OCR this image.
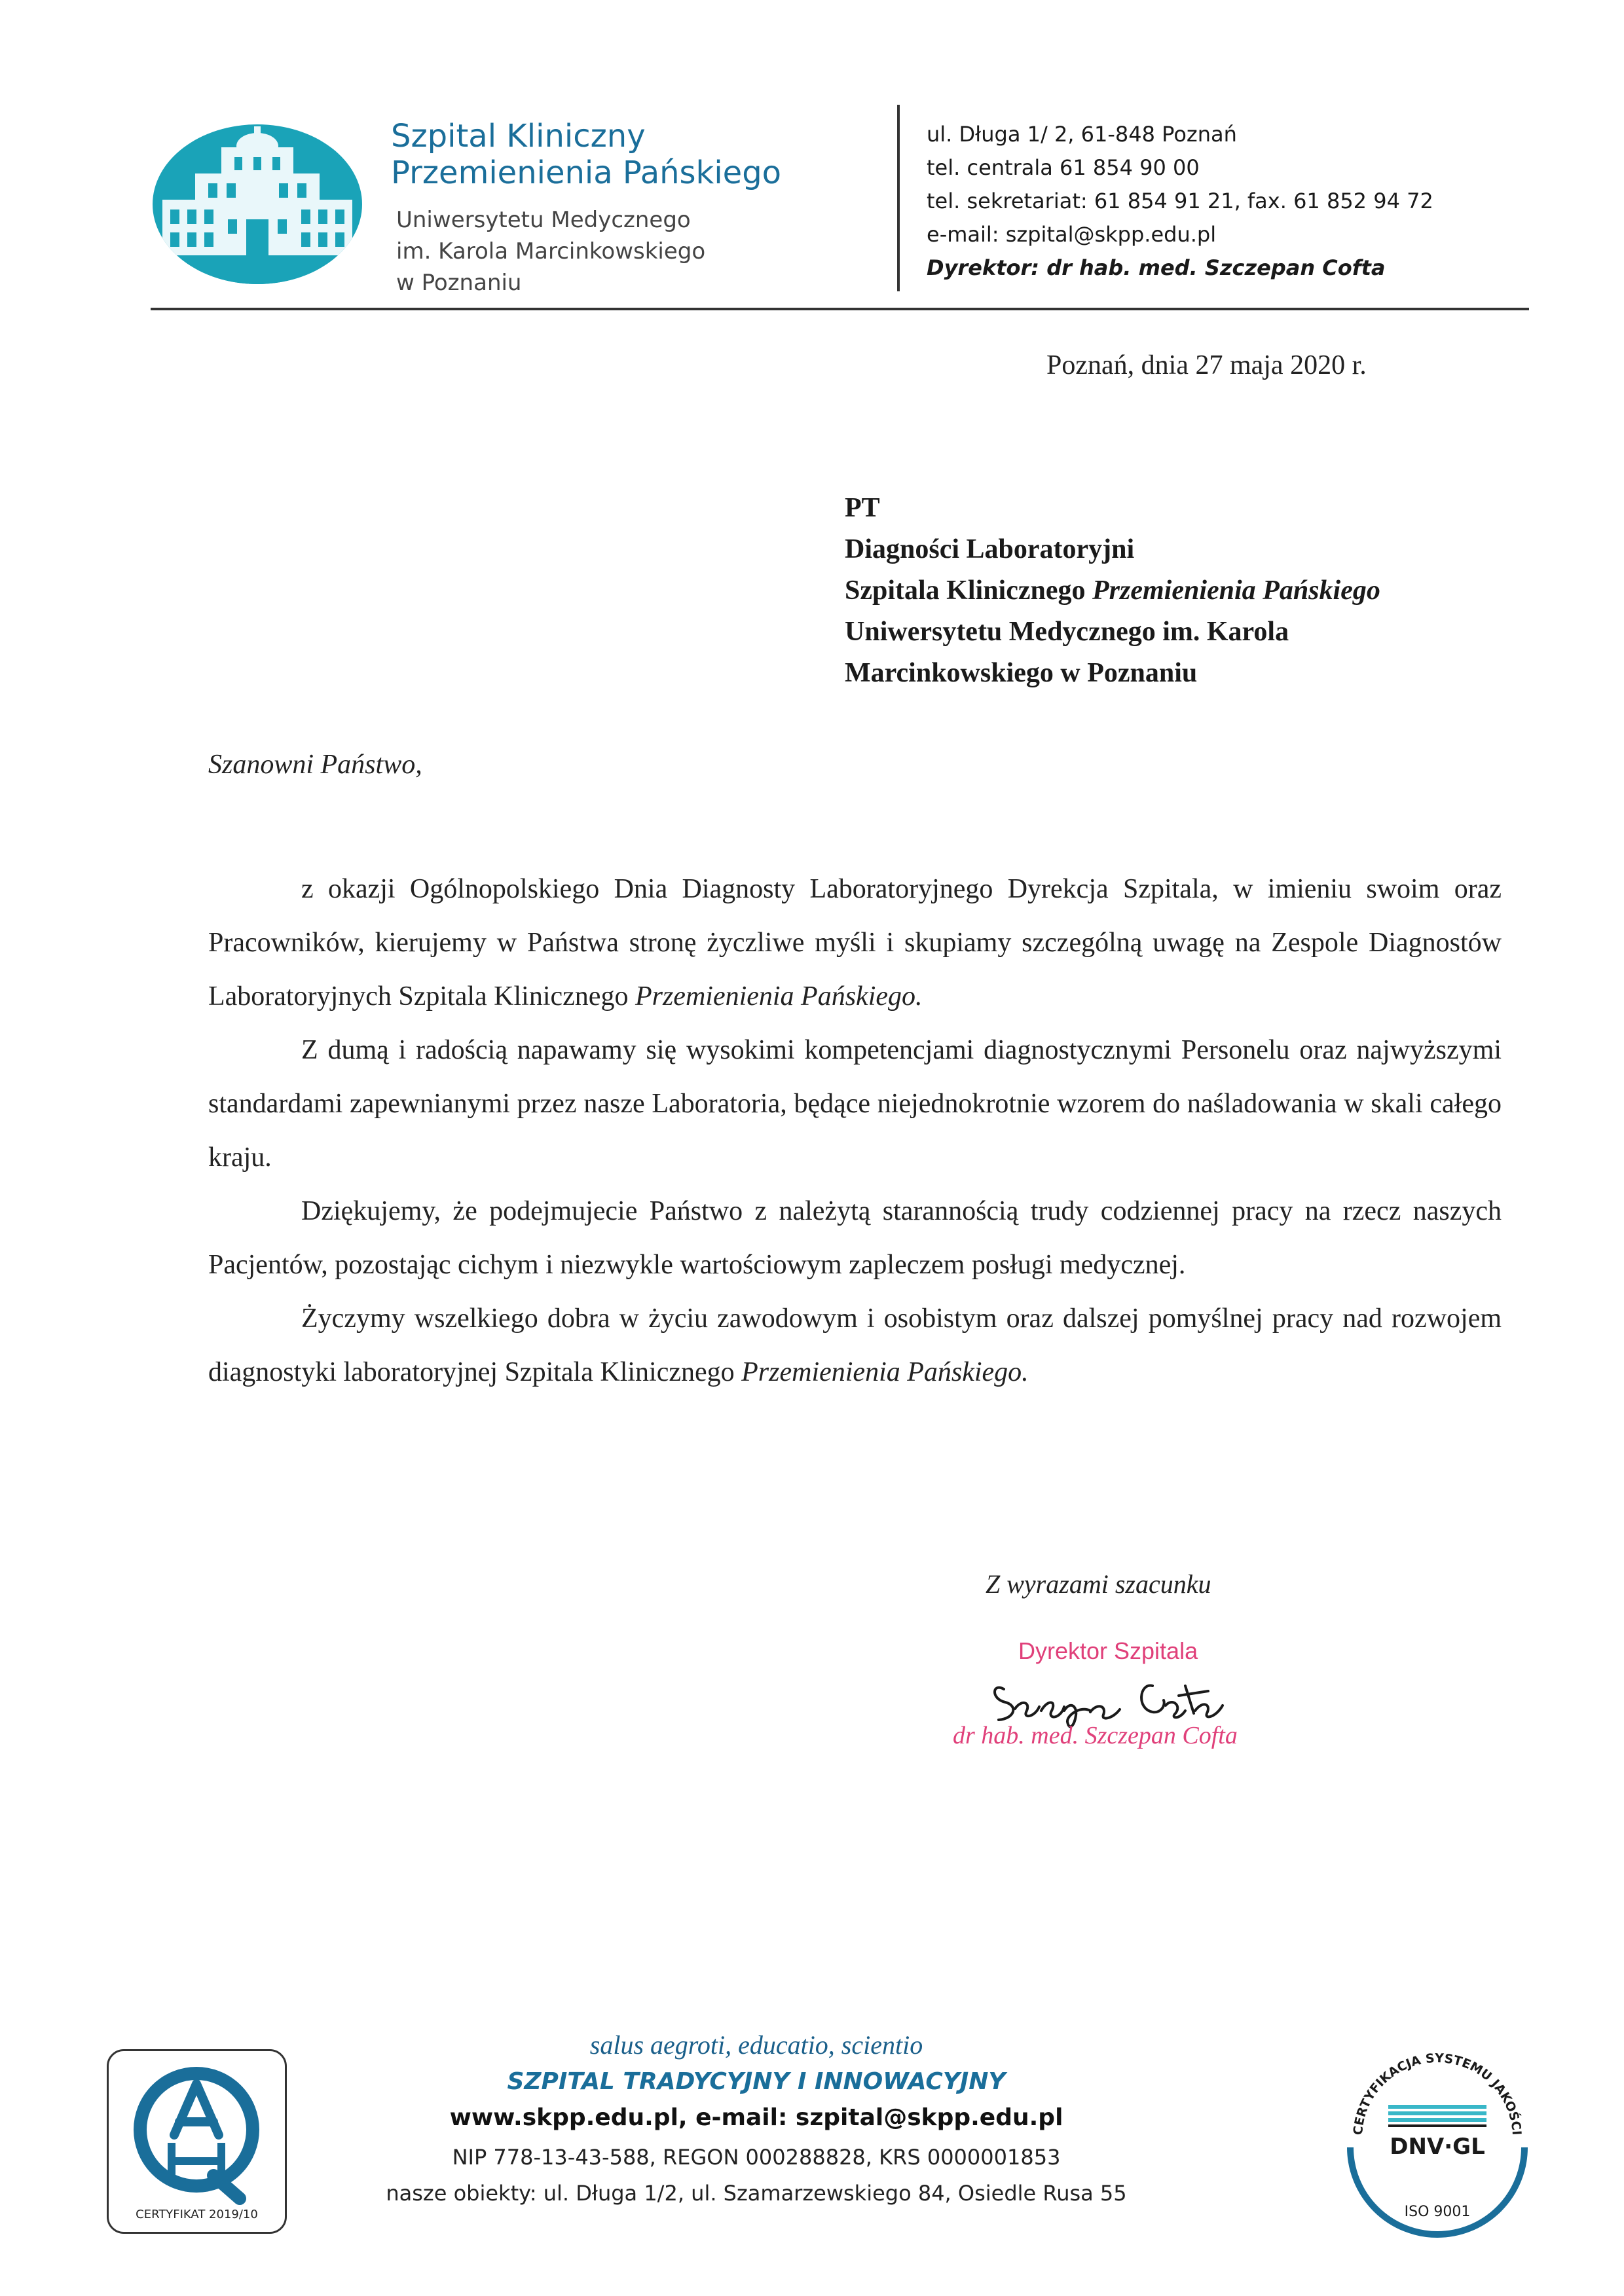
Szpital Kliniczny
Przemienienia Pańskiego
Uniwersytetu Medycznego
im. Karola Marcinkowskiego
w Poznaniu
ul. Długa 1/ 2, 61-848 Poznań
tel. centrala 61 854 90 00
tel. sekretariat: 61 854 91 21, fax. 61 852 94 72
e-mail: szpital@skpp.edu.pl
Dyrektor: dr hab. med. Szczepan Cofta
Poznań, dnia 27 maja 2020 r.
PT
Diagności Laboratoryjni
Szpitala Klinicznego Przemienienia Pańskiego
Uniwersytetu Medycznego im. Karola
Marcinkowskiego w Poznaniu
Szanowni Państwo,

z okazji Ogólnopolskiego Dnia Diagnosty Laboratoryjnego Dyrekcja Szpitala, w imieniu swoim oraz Pracowników, kierujemy w Państwa stronę życzliwe myśli i skupiamy szczególną uwagę na Zespole Diagnostów Laboratoryjnych Szpitala Klinicznego Przemienienia Pańskiego.

Z dumą i radością napawamy się wysokimi kompetencjami diagnostycznymi Personelu oraz najwyższymi standardami zapewnianymi przez nasze Laboratoria, będące niejednokrotnie wzorem do naśladowania w skali całego kraju.

Dziękujemy, że podejmujecie Państwo z należytą starannością trudy codziennej pracy na rzecz naszych Pacjentów, pozostając cichym i niezwykle wartościowym zapleczem posługi medycznej.

Życzymy wszelkiego dobra w życiu zawodowym i osobistym oraz dalszej pomyślnej pracy nad rozwojem diagnostyki laboratoryjnej Szpitala Klinicznego Przemienienia Pańskiego.

Z wyrazami szacunku
Dyrektor Szpitala
dr hab. med. Szczepan Cofta
CERTYFIKAT 2019/10
salus aegroti, educatio, scientio
SZPITAL TRADYCYJNY I INNOWACYJNY
www.skpp.edu.pl, e-mail: szpital@skpp.edu.pl
NIP 778-13-43-588, REGON 000288828, KRS 0000001853
nasze obiekty: ul. Długa 1/2, ul. Szamarzewskiego 84, Osiedle Rusa 55
CERTYFIKACJA SYSTEMU JAKOŚCI
DNV·GL
ISO 9001
